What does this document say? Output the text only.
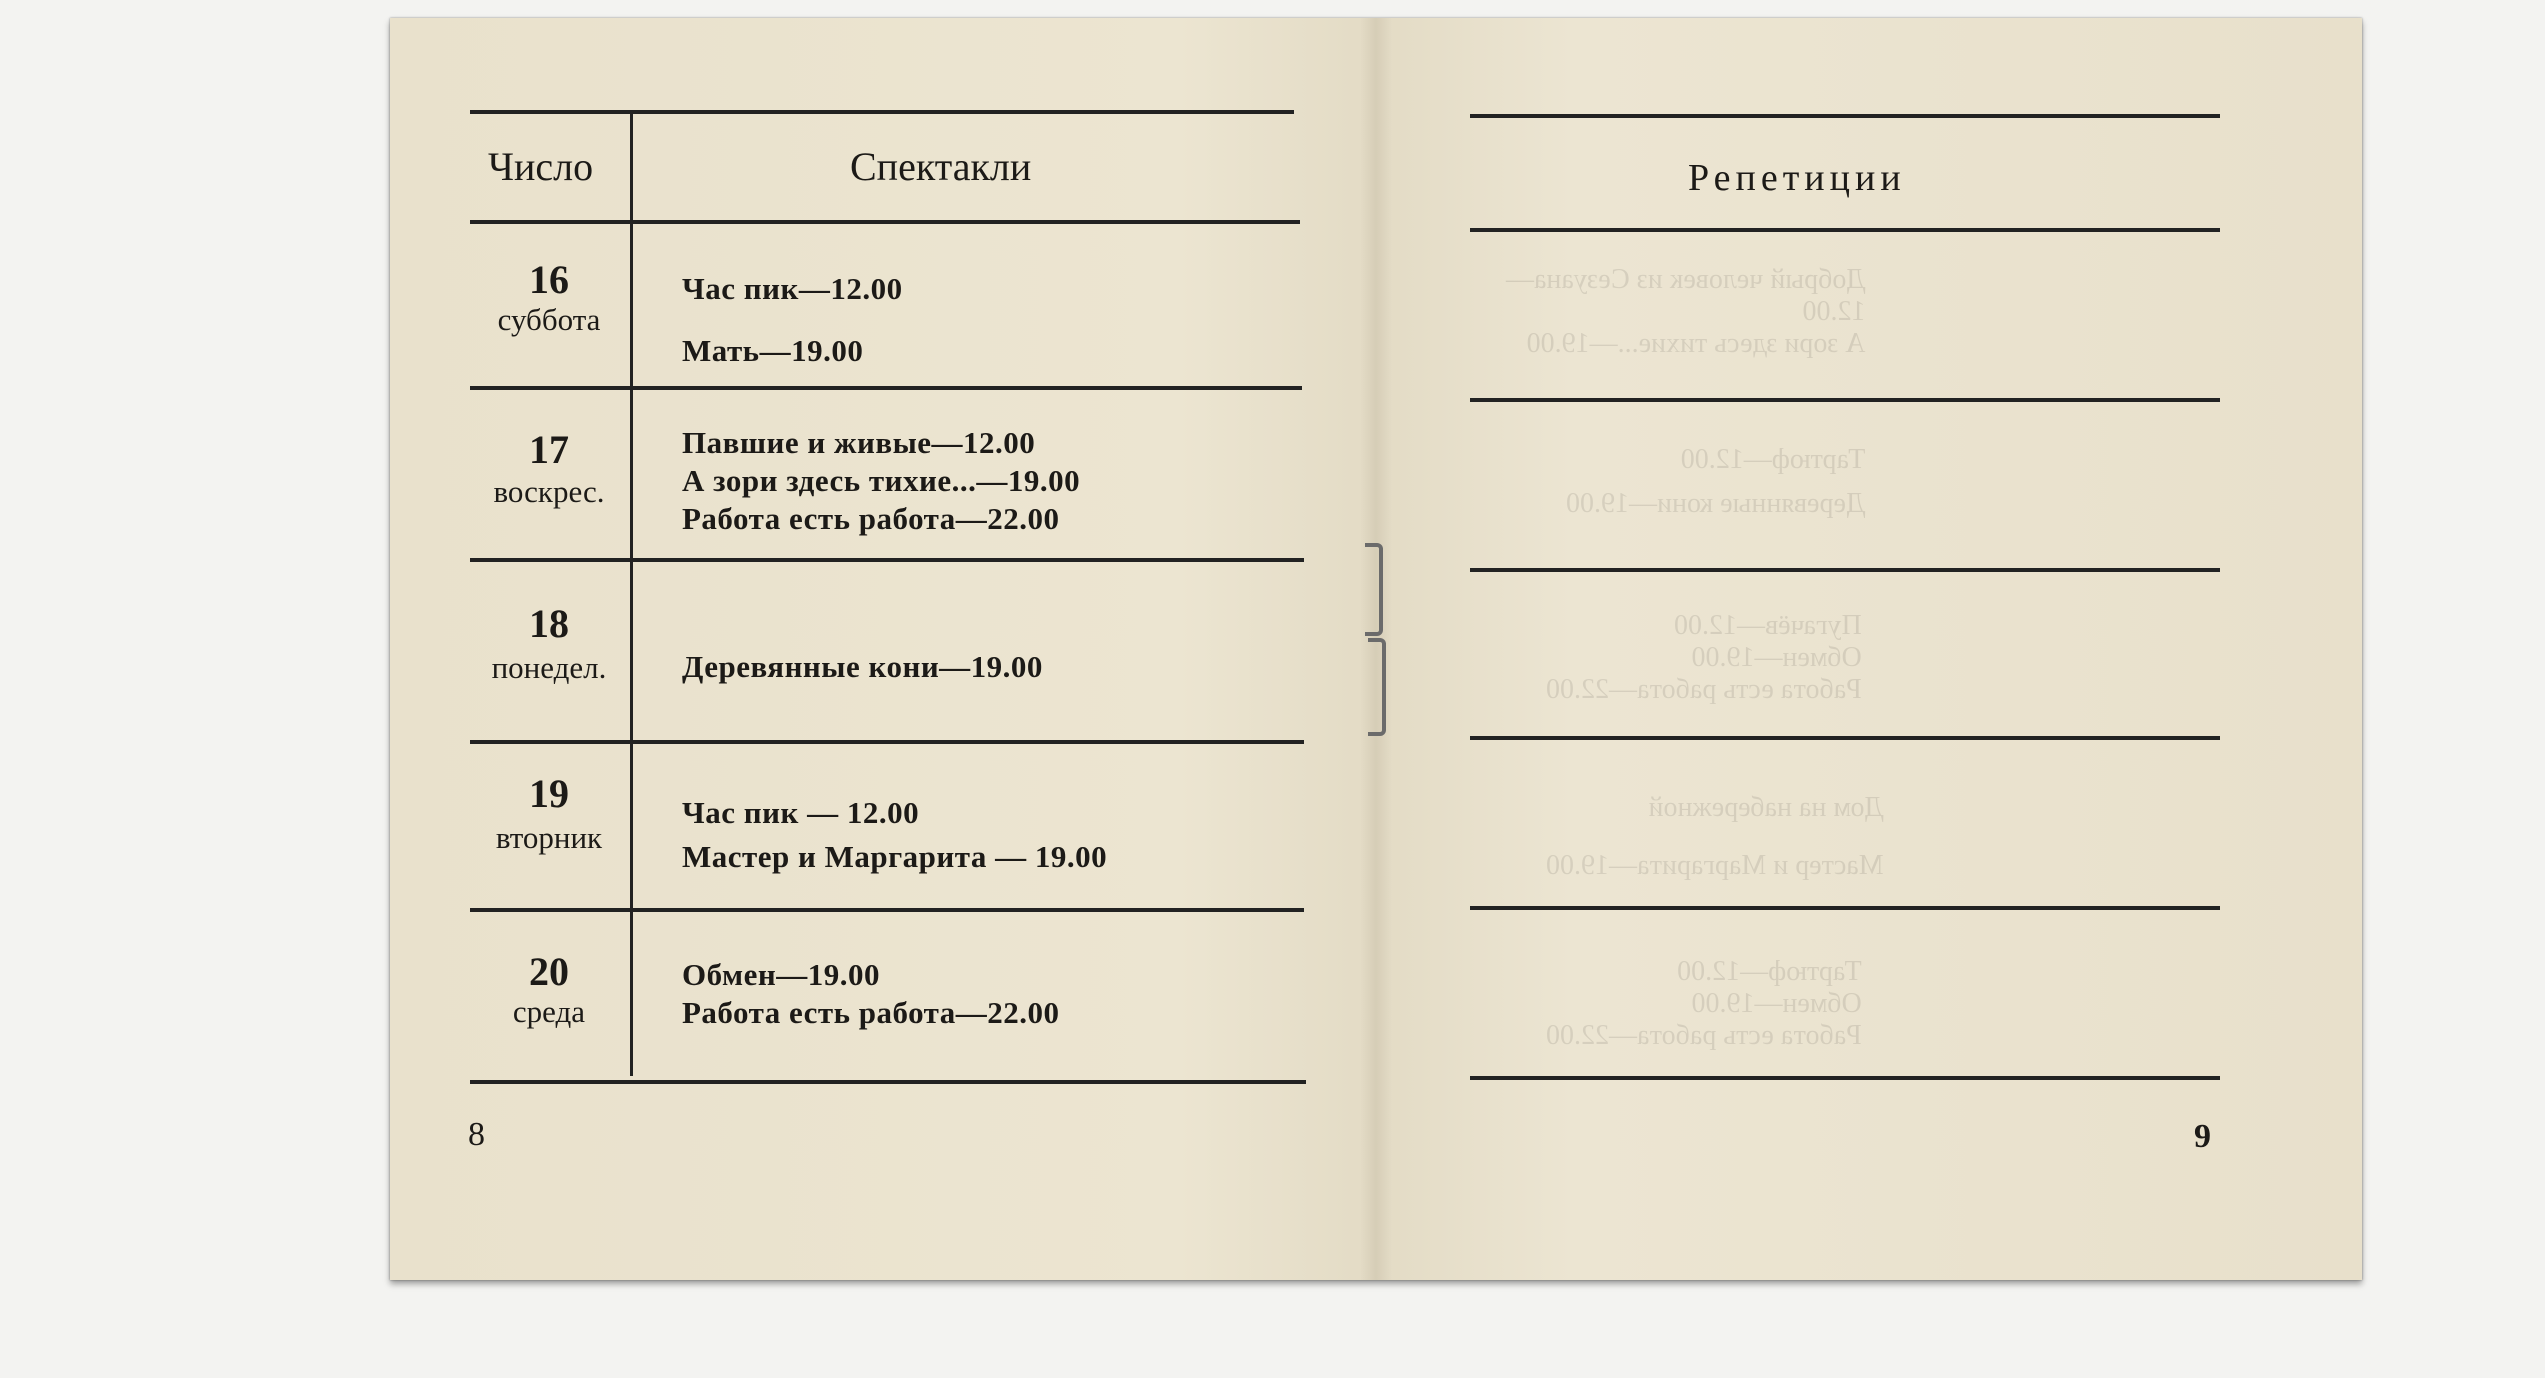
Число	Спектакли
16
суббота
Час пик—12.00
Мать—19.00
17
воскрес.
Павшие и живые—12.00
А зори здесь тихие...—19.00
Работа есть работа—22.00
18
понедел.	Деревянные кони—19.00
19
вторник
Час пик — 12.00
Мастер и Маргарита — 19.00
20
среда
Обмен—19.00
Работа есть работа—22.00
8
Репетиции
Добрый человек из Сезуана—
12.00
А зори здесь тихие...—19.00
Тартюф—12.00
Деревянные кони—19.00
Пугачёв—12.00
Обмен—19.00
Работа есть работа—22.00
Дом на набережной
Мастер и Маргарита—19.00
Тартюф—12.00
Обмен—19.00
Работа есть работа—22.00
9
